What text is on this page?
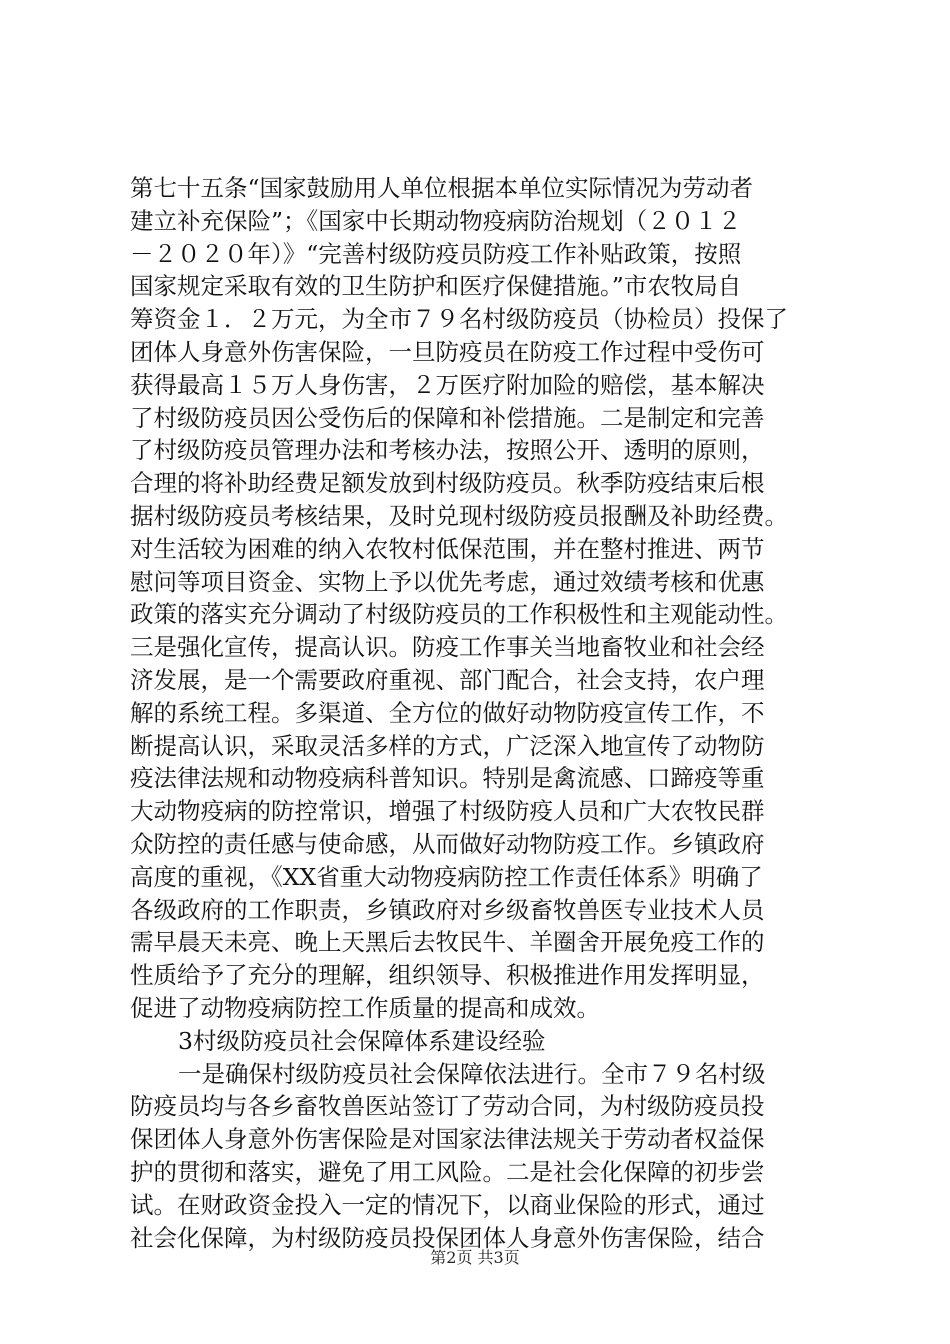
第七十五条“国家鼓励用人单位根据本单位实际情况为劳动者
建立补充保险”；《国家中长期动物疫病防治规划（２０１２
－２０２０年）》“完善村级防疫员防疫工作补贴政策，按照
国家规定采取有效的卫生防护和医疗保健措施。”市农牧局自
筹资金１．２万元，为全市７９名村级防疫员（协检员）投保了
团体人身意外伤害保险，一旦防疫员在防疫工作过程中受伤可
获得最高１５万人身伤害，２万医疗附加险的赔偿，基本解决
了村级防疫员因公受伤后的保障和补偿措施。二是制定和完善
了村级防疫员管理办法和考核办法，按照公开、透明的原则，
合理的将补助经费足额发放到村级防疫员。秋季防疫结束后根
据村级防疫员考核结果，及时兑现村级防疫员报酬及补助经费。
对生活较为困难的纳入农牧村低保范围，并在整村推进、两节
慰问等项目资金、实物上予以优先考虑，通过效绩考核和优惠
政策的落实充分调动了村级防疫员的工作积极性和主观能动性。
三是强化宣传，提高认识。防疫工作事关当地畜牧业和社会经
济发展，是一个需要政府重视、部门配合，社会支持，农户理
解的系统工程。多渠道、全方位的做好动物防疫宣传工作，不
断提高认识，采取灵活多样的方式，广泛深入地宣传了动物防
疫法律法规和动物疫病科普知识。特别是禽流感、口蹄疫等重
大动物疫病的防控常识，增强了村级防疫人员和广大农牧民群
众防控的责任感与使命感，从而做好动物防疫工作。乡镇政府
高度的重视，《XX省重大动物疫病防控工作责任体系》明确了
各级政府的工作职责，乡镇政府对乡级畜牧兽医专业技术人员
需早晨天未亮、晚上天黑后去牧民牛、羊圈舍开展免疫工作的
性质给予了充分的理解，组织领导、积极推进作用发挥明显，
促进了动物疫病防控工作质量的提高和成效。
3村级防疫员社会保障体系建设经验
一是确保村级防疫员社会保障依法进行。全市７９名村级
防疫员均与各乡畜牧兽医站签订了劳动合同，为村级防疫员投
保团体人身意外伤害保险是对国家法律法规关于劳动者权益保
护的贯彻和落实，避免了用工风险。二是社会化保障的初步尝
试。在财政资金投入一定的情况下，以商业保险的形式，通过
社会化保障，为村级防疫员投保团体人身意外伤害保险，结合
第2页 共3页
